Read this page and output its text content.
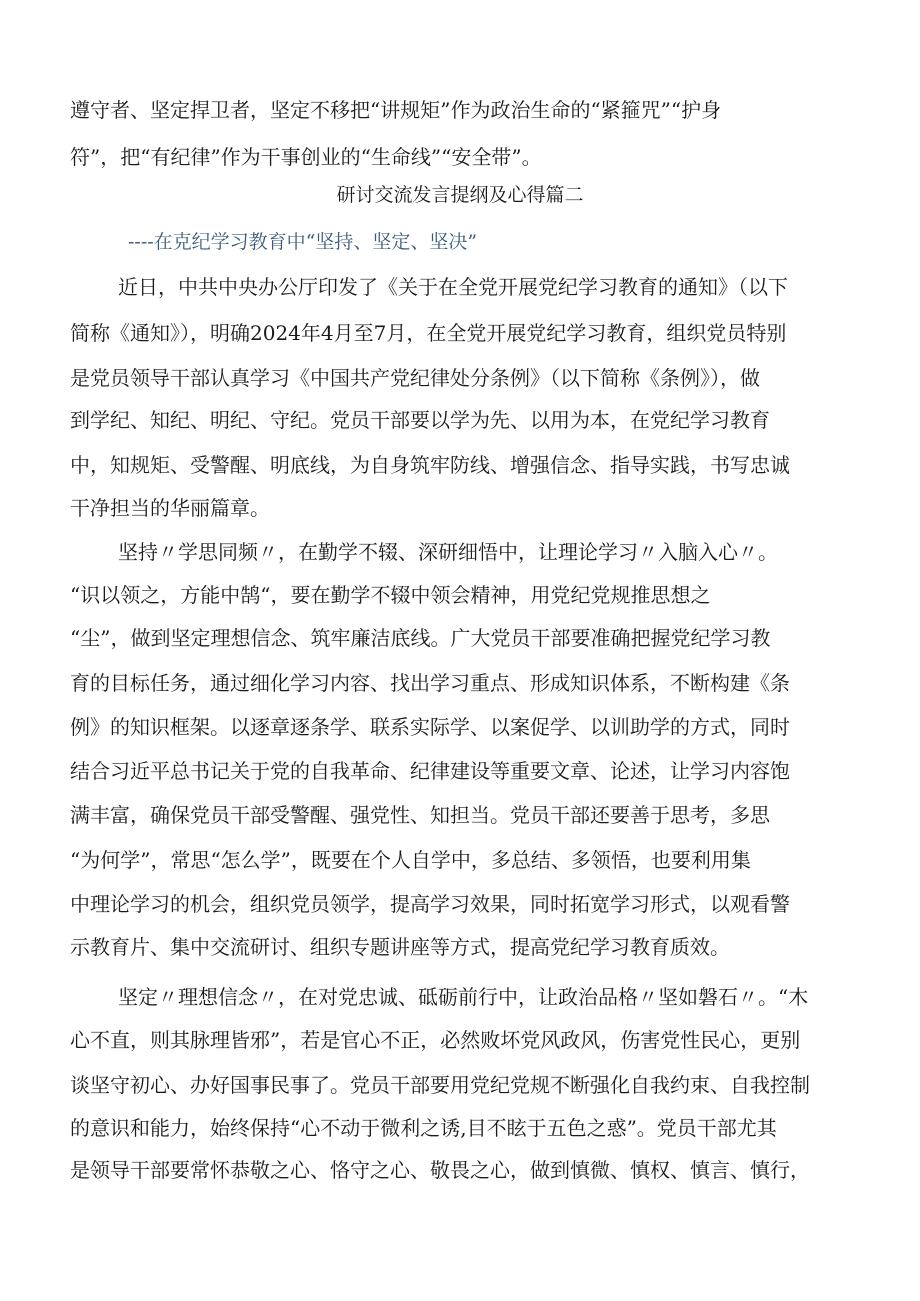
遵守者、坚定捍卫者，坚定不移把“讲规矩”作为政治生命的“紧箍咒”“护身
符”，把“有纪律”作为干事创业的“生命线”“安全带”。
研讨交流发言提纲及心得篇二
----在克纪学习教育中“坚持、坚定、坚决”
近日，中共中央办公厅印发了《关于在全党开展党纪学习教育的通知》（以下
简称《通知》），明确2024年4月至7月，在全党开展党纪学习教育，组织党员特别
是党员领导干部认真学习《中国共产党纪律处分条例》（以下简称《条例》），做
到学纪、知纪、明纪、守纪。党员干部要以学为先、以用为本，在党纪学习教育
中，知规矩、受警醒、明底线，为自身筑牢防线、增强信念、指导实践，书写忠诚
干净担当的华丽篇章。
坚持〃学思同频〃，在勤学不辍、深研细悟中，让理论学习〃入脑入心〃。
“识以领之，方能中鹄“，要在勤学不辍中领会精神，用党纪党规推思想之
“尘”，做到坚定理想信念、筑牢廉洁底线。广大党员干部要准确把握党纪学习教
育的目标任务，通过细化学习内容、找出学习重点、形成知识体系，不断构建《条
例》的知识框架。以逐章逐条学、联系实际学、以案促学、以训助学的方式，同时
结合习近平总书记关于党的自我革命、纪律建设等重要文章、论述，让学习内容饱
满丰富，确保党员干部受警醒、强党性、知担当。党员干部还要善于思考，多思
“为何学”，常思“怎么学”，既要在个人自学中，多总结、多领悟，也要利用集
中理论学习的机会，组织党员领学，提高学习效果，同时拓宽学习形式，以观看警
示教育片、集中交流研讨、组织专题讲座等方式，提高党纪学习教育质效。
坚定〃理想信念〃，在对党忠诚、砥砺前行中，让政治品格〃坚如磐石〃。“木
心不直，则其脉理皆邪”，若是官心不正，必然败坏党风政风，伤害党性民心，更别
谈坚守初心、办好国事民事了。党员干部要用党纪党规不断强化自我约束、自我控制
的意识和能力，始终保持“心不动于微利之诱,目不眩于五色之惑”。党员干部尤其
是领导干部要常怀恭敬之心、恪守之心、敬畏之心，做到慎微、慎权、慎言、慎行，
